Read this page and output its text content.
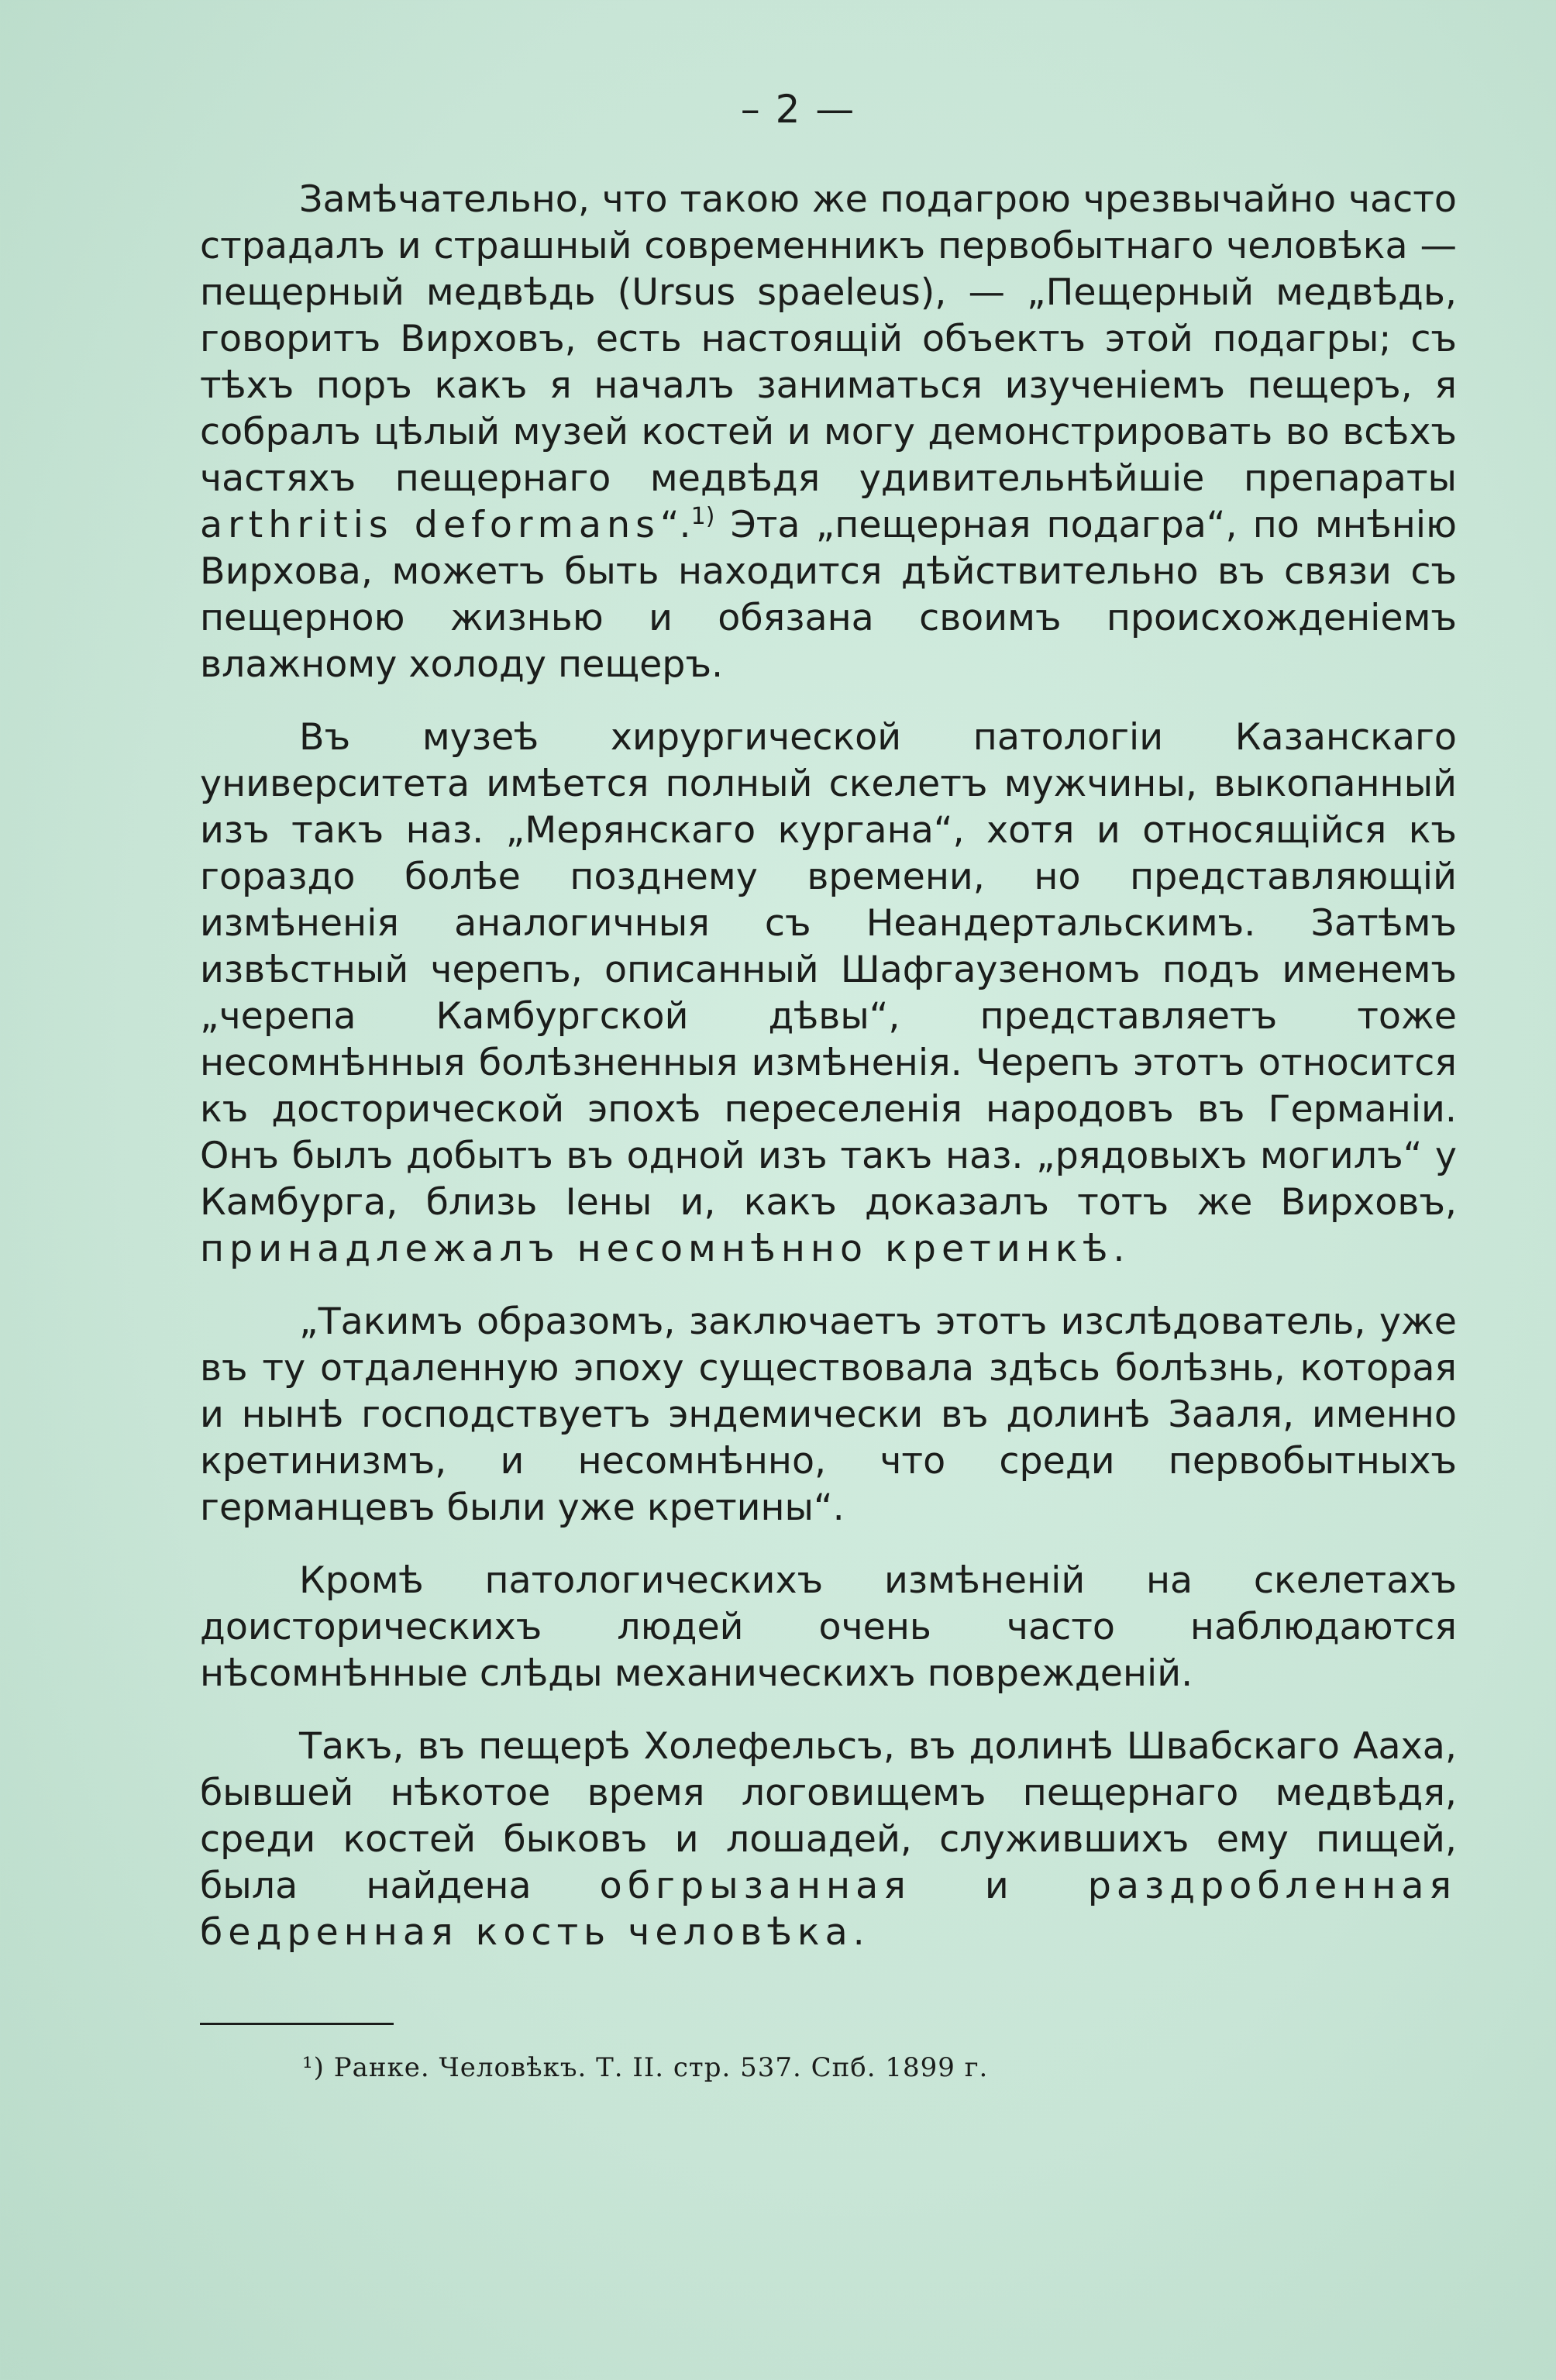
– 2 —

Замѣчательно, что такою же подагрою чрезвычайно часто страдалъ и страшный современникъ первобытнаго человѣка — пещерный медвѣдь (Ursus spaeleus), — „Пещерный медвѣдь, говоритъ Вирховъ, есть настоящій объектъ этой подагры; съ тѣхъ поръ какъ я началъ заниматься изученіемъ пещеръ, я собралъ цѣлый музей костей и могу демонстрировать во всѣхъ частяхъ пещернаго медвѣдя удивительнѣйшіе препараты arthritis deformans“.$^{1)}$ Эта „пещерная подагра“, по мнѣнію Вирхова, можетъ быть находится дѣйствительно въ связи съ пещерною жизнью и обязана своимъ происхожденіемъ влажному холоду пещеръ.

Въ музеѣ хирургической патологіи Казанскаго университета имѣется полный скелетъ мужчины, выкопанный изъ такъ наз. „Мерянскаго кургана“, хотя и относящійся къ гораздо болѣе позднему времени, но представляющій измѣненія аналогичныя съ Неандертальскимъ. Затѣмъ извѣстный черепъ, описанный Шафгаузеномъ подъ именемъ „черепа Камбургской дѣвы“, представляетъ тоже несомнѣнныя болѣзненныя измѣненія. Черепъ этотъ относится къ досторической эпохѣ переселенія народовъ въ Германіи. Онъ былъ добытъ въ одной изъ такъ наз. „рядовыхъ могилъ“ у Камбурга, близь Іены и, какъ доказалъ тотъ же Вирховъ, принадлежалъ несомнѣнно кретинкѣ.

„Такимъ образомъ, заключаетъ этотъ изслѣдователь, уже въ ту отдаленную эпоху существовала здѣсь болѣзнь, которая и нынѣ господствуетъ эндемически въ долинѣ Зааля, именно кретинизмъ, и несомнѣнно, что среди первобытныхъ германцевъ были уже кретины“.

Кромѣ патологическихъ измѣненій на скелетахъ доисторическихъ людей очень часто наблюдаются нѣсомнѣнные слѣды механическихъ поврежденій.

Такъ, въ пещерѣ Холефельсъ, въ долинѣ Швабскаго Ааха, бывшей нѣкотое время логовищемъ пещернаго медвѣдя, среди костей быковъ и лошадей, служившихъ ему пищей, была найдена обгрызанная и раздробленная бедренная кость человѣка.

¹) Ранке. Человѣкъ. Т. II. стр. 537. Спб. 1899 г.
